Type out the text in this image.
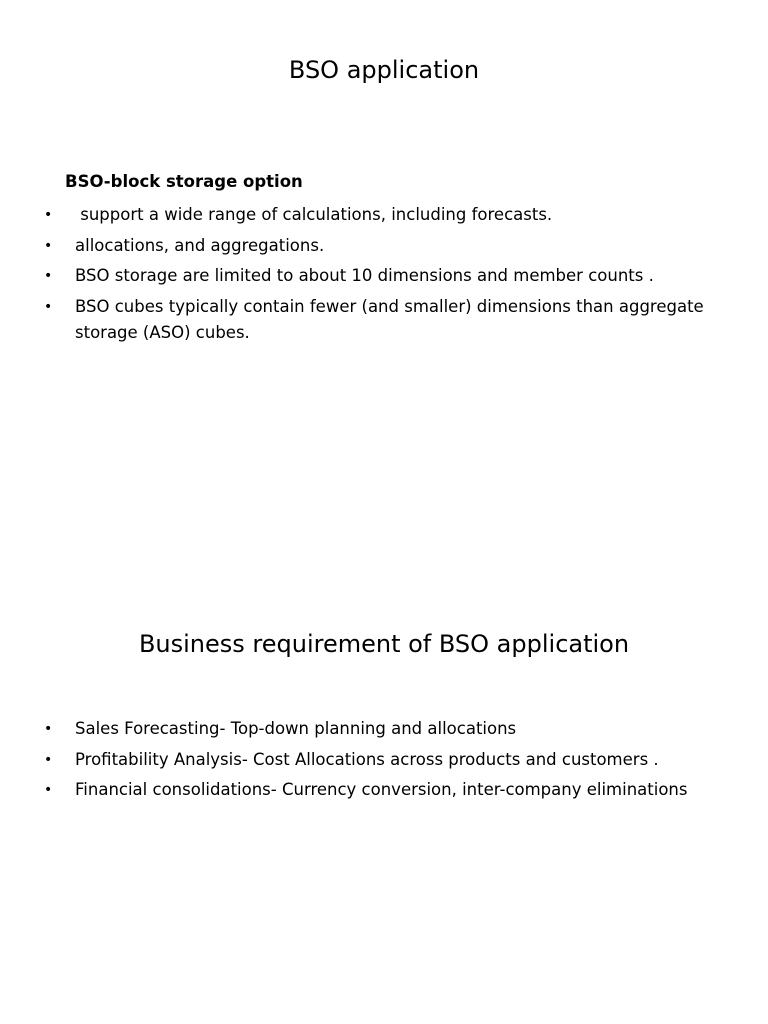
BSO application

BSO-block storage option

• support a wide range of calculations, including forecasts.
• allocations, and aggregations.
• BSO storage are limited to about 10 dimensions and member counts .
• BSO cubes typically contain fewer (and smaller) dimensions than aggregate storage (ASO) cubes.
Business requirement of BSO application
• Sales Forecasting- Top-down planning and allocations
• Profitability Analysis- Cost Allocations across products and customers .
• Financial consolidations- Currency conversion, inter-company eliminations
